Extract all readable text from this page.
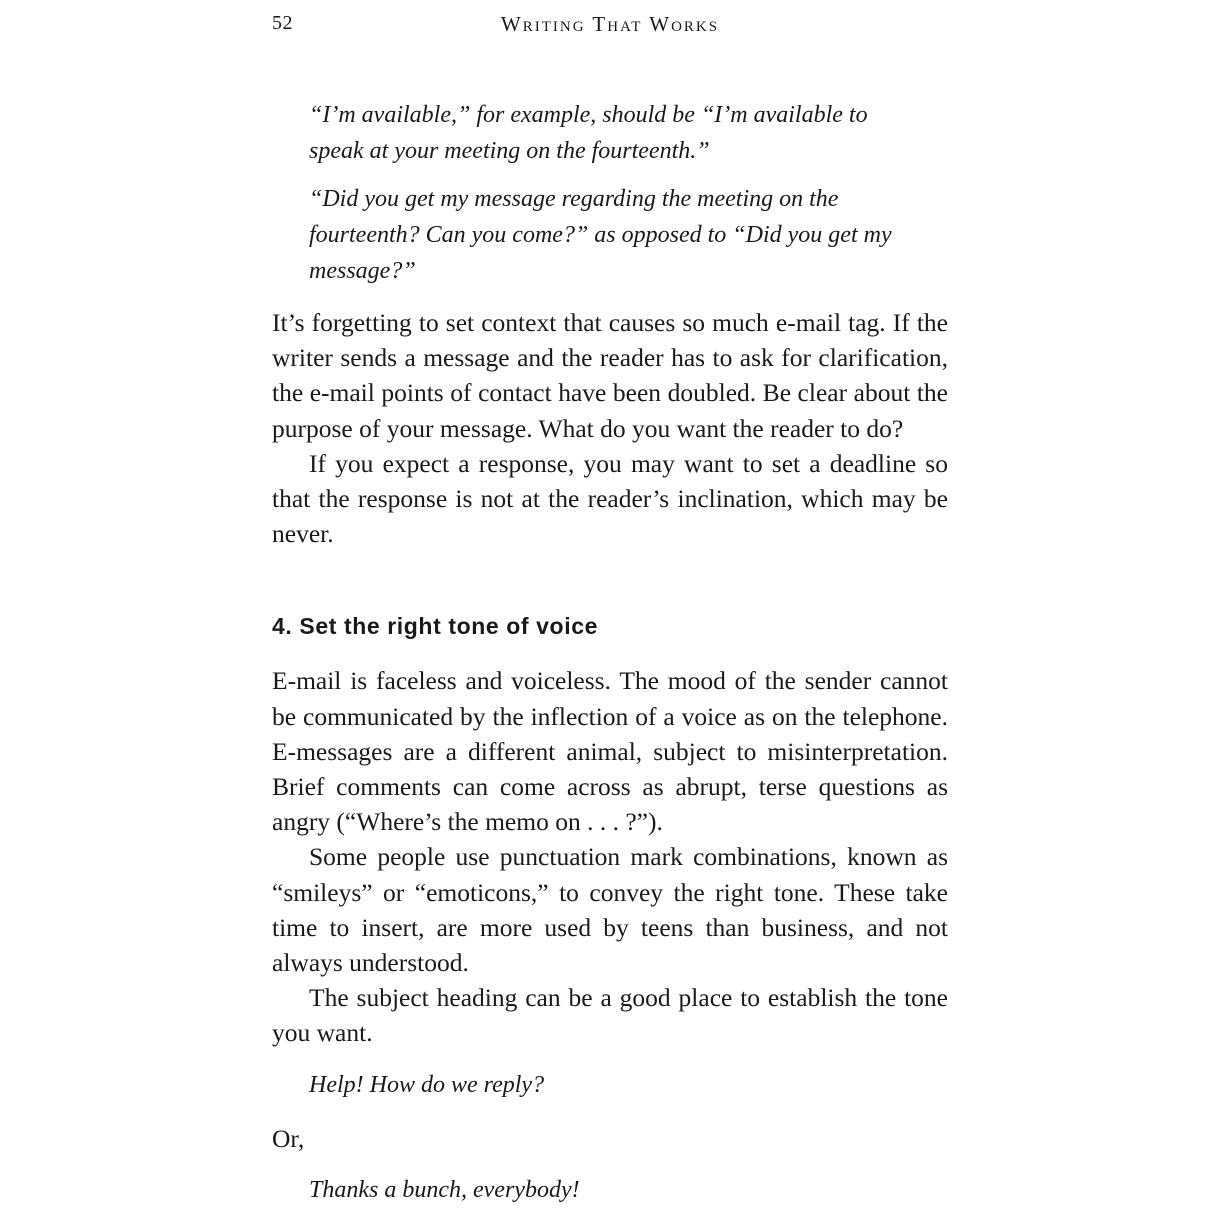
52	Writing That Works

“I’m available,” for example, should be “I’m available to speak at your meeting on the fourteenth.”

“Did you get my message regarding the meeting on the fourteenth? Can you come?” as opposed to “Did you get my message?”

It’s forgetting to set context that causes so much e-mail tag. If the writer sends a message and the reader has to ask for clarification, the e-mail points of contact have been doubled. Be clear about the purpose of your message. What do you want the reader to do?

If you expect a response, you may want to set a deadline so that the response is not at the reader’s inclination, which may be never.

4. Set the right tone of voice

E-mail is faceless and voiceless. The mood of the sender cannot be communicated by the inflection of a voice as on the telephone. E-messages are a different animal, subject to misinterpretation. Brief comments can come across as abrupt, terse questions as angry (“Where’s the memo on . . . ?”).

Some people use punctuation mark combinations, known as “smileys” or “emoticons,” to convey the right tone. These take time to insert, are more used by teens than business, and not always understood.

The subject heading can be a good place to establish the tone you want.

Help! How do we reply?

Or,

Thanks a bunch, everybody!
